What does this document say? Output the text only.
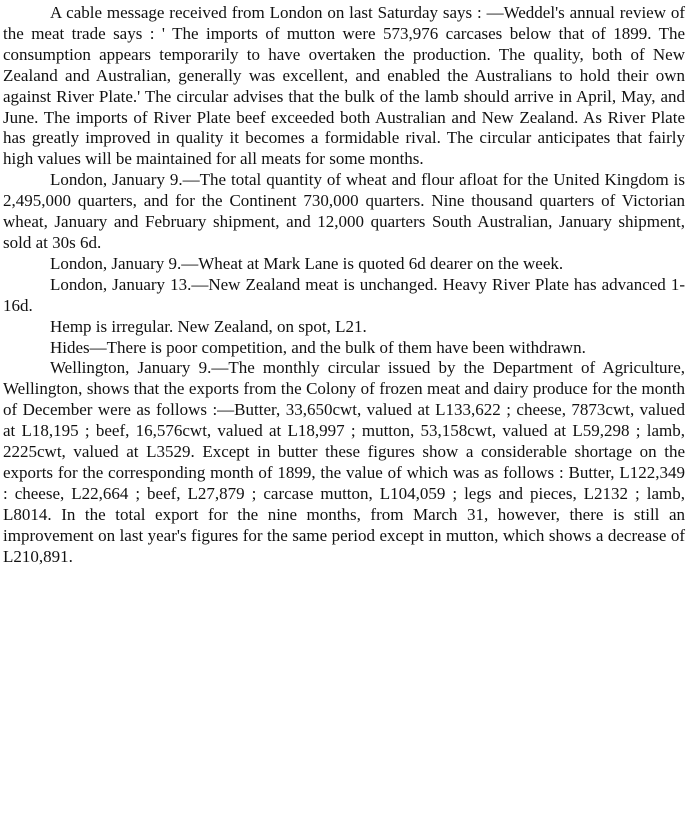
A cable message received from London on last Saturday says : —Weddel's annual review of the meat trade says : ' The imports of mutton were 573,976 carcases below that of 1899. The consumption appears temporarily to have overtaken the production. The quality, both of New Zealand and Australian, generally was excellent, and enabled the Australians to hold their own against River Plate.' The circular advises that the bulk of the lamb should arrive in April, May, and June. The imports of River Plate beef exceeded both Australian and New Zealand. As River Plate has greatly improved in quality it becomes a formidable rival. The circular anticipates that fairly high values will be maintained for all meats for some months.

London, January 9.—The total quantity of wheat and flour afloat for the United Kingdom is 2,495,000 quarters, and for the Continent 730,000 quarters. Nine thousand quarters of Victorian wheat, January and February shipment, and 12,000 quarters South Australian, January shipment, sold at 30s 6d.

London, January 9.—Wheat at Mark Lane is quoted 6d dearer on the week.

London, January 13.—New Zealand meat is unchanged. Heavy River Plate has advanced 1-16d.

Hemp is irregular. New Zealand, on spot, L21.

Hides—There is poor competition, and the bulk of them have been withdrawn.

Wellington, January 9.—The monthly circular issued by the Department of Agriculture, Wellington, shows that the exports from the Colony of frozen meat and dairy produce for the month of December were as follows :—Butter, 33,650cwt, valued at L133,622 ; cheese, 7873cwt, valued at L18,195 ; beef, 16,576cwt, valued at L18,997 ; mutton, 53,158cwt, valued at L59,298 ; lamb, 2225cwt, valued at L3529. Except in butter these figures show a considerable shortage on the exports for the corresponding month of 1899, the value of which was as follows : Butter, L122,349 : cheese, L22,664 ; beef, L27,879 ; carcase mutton, L104,059 ; legs and pieces, L2132 ; lamb, L8014. In the total export for the nine months, from March 31, however, there is still an improvement on last year's figures for the same period except in mutton, which shows a decrease of L210,891.
